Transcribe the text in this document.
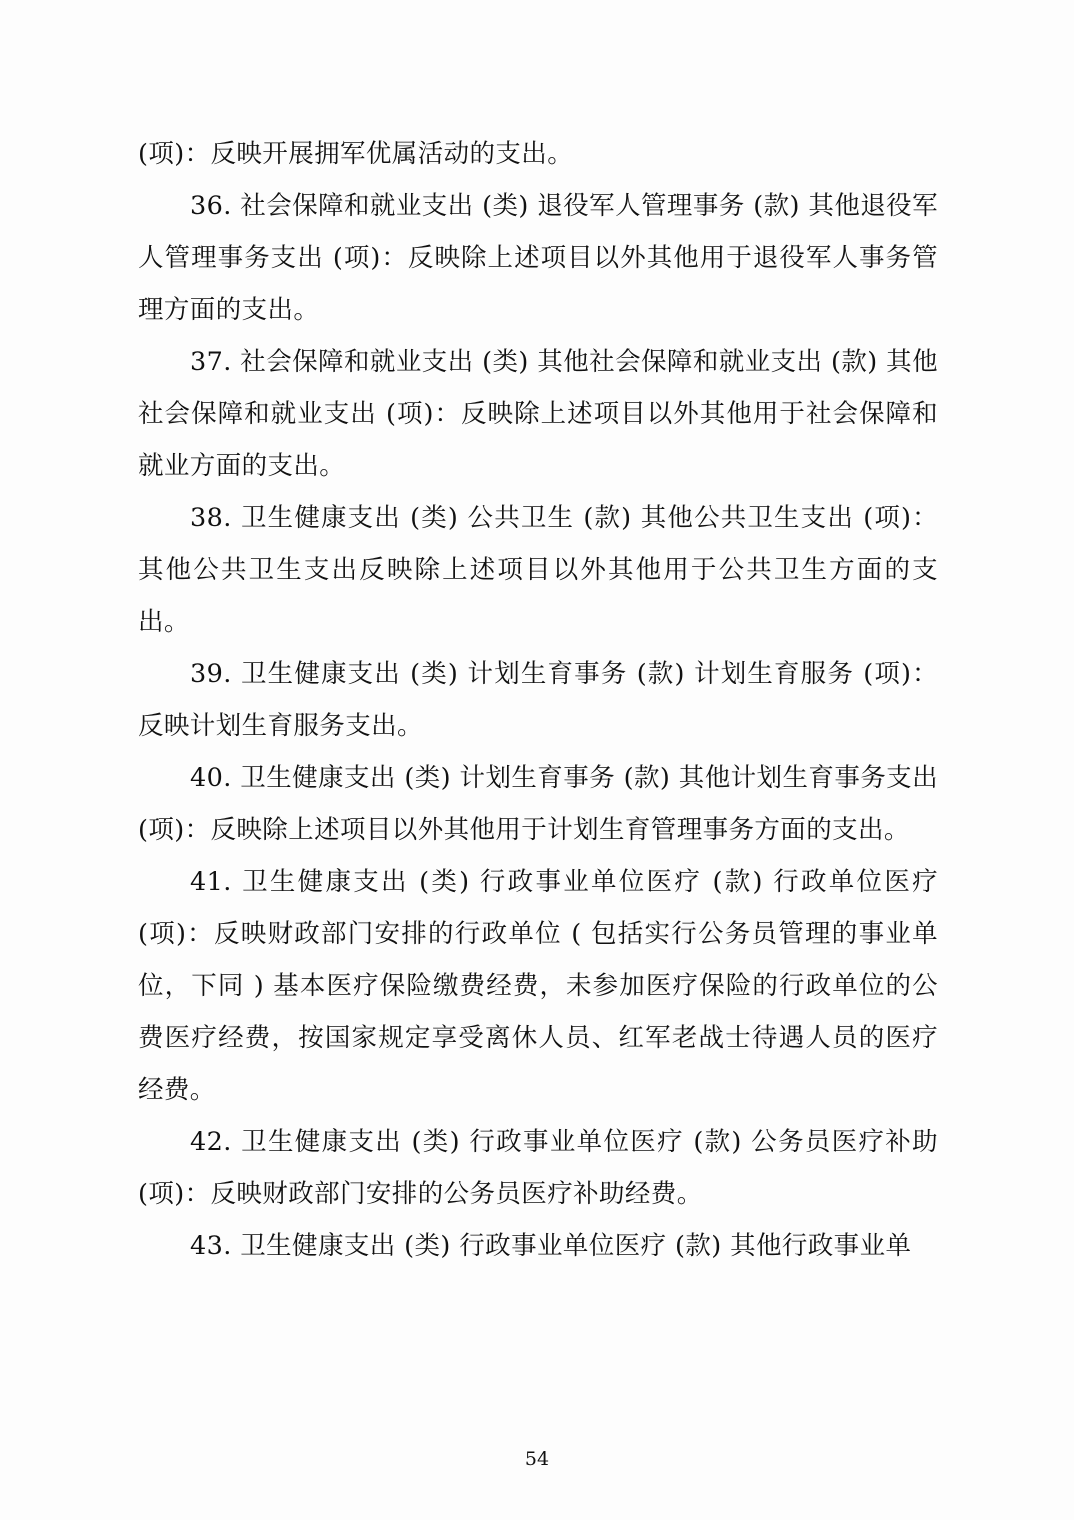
(项)：反映开展拥军优属活动的支出。

36. 社会保障和就业支出 (类) 退役军人管理事务 (款) 其他退役军人管理事务支出 (项)：反映除上述项目以外其他用于退役军人事务管理方面的支出。

37. 社会保障和就业支出 (类) 其他社会保障和就业支出 (款) 其他社会保障和就业支出 (项)：反映除上述项目以外其他用于社会保障和就业方面的支出。

38. 卫生健康支出 (类) 公共卫生 (款) 其他公共卫生支出 (项)：其他公共卫生支出反映除上述项目以外其他用于公共卫生方面的支出。

39. 卫生健康支出 (类) 计划生育事务 (款) 计划生育服务 (项)：反映计划生育服务支出。

40. 卫生健康支出 (类) 计划生育事务 (款) 其他计划生育事务支出 (项)：反映除上述项目以外其他用于计划生育管理事务方面的支出。

41. 卫生健康支出 (类) 行政事业单位医疗 (款) 行政单位医疗 (项)：反映财政部门安排的行政单位 ( 包括实行公务员管理的事业单位，下同 ) 基本医疗保险缴费经费，未参加医疗保险的行政单位的公费医疗经费，按国家规定享受离休人员、红军老战士待遇人员的医疗经费。

42. 卫生健康支出 (类) 行政事业单位医疗 (款) 公务员医疗补助 (项)：反映财政部门安排的公务员医疗补助经费。

43. 卫生健康支出 (类) 行政事业单位医疗 (款) 其他行政事业单

54
